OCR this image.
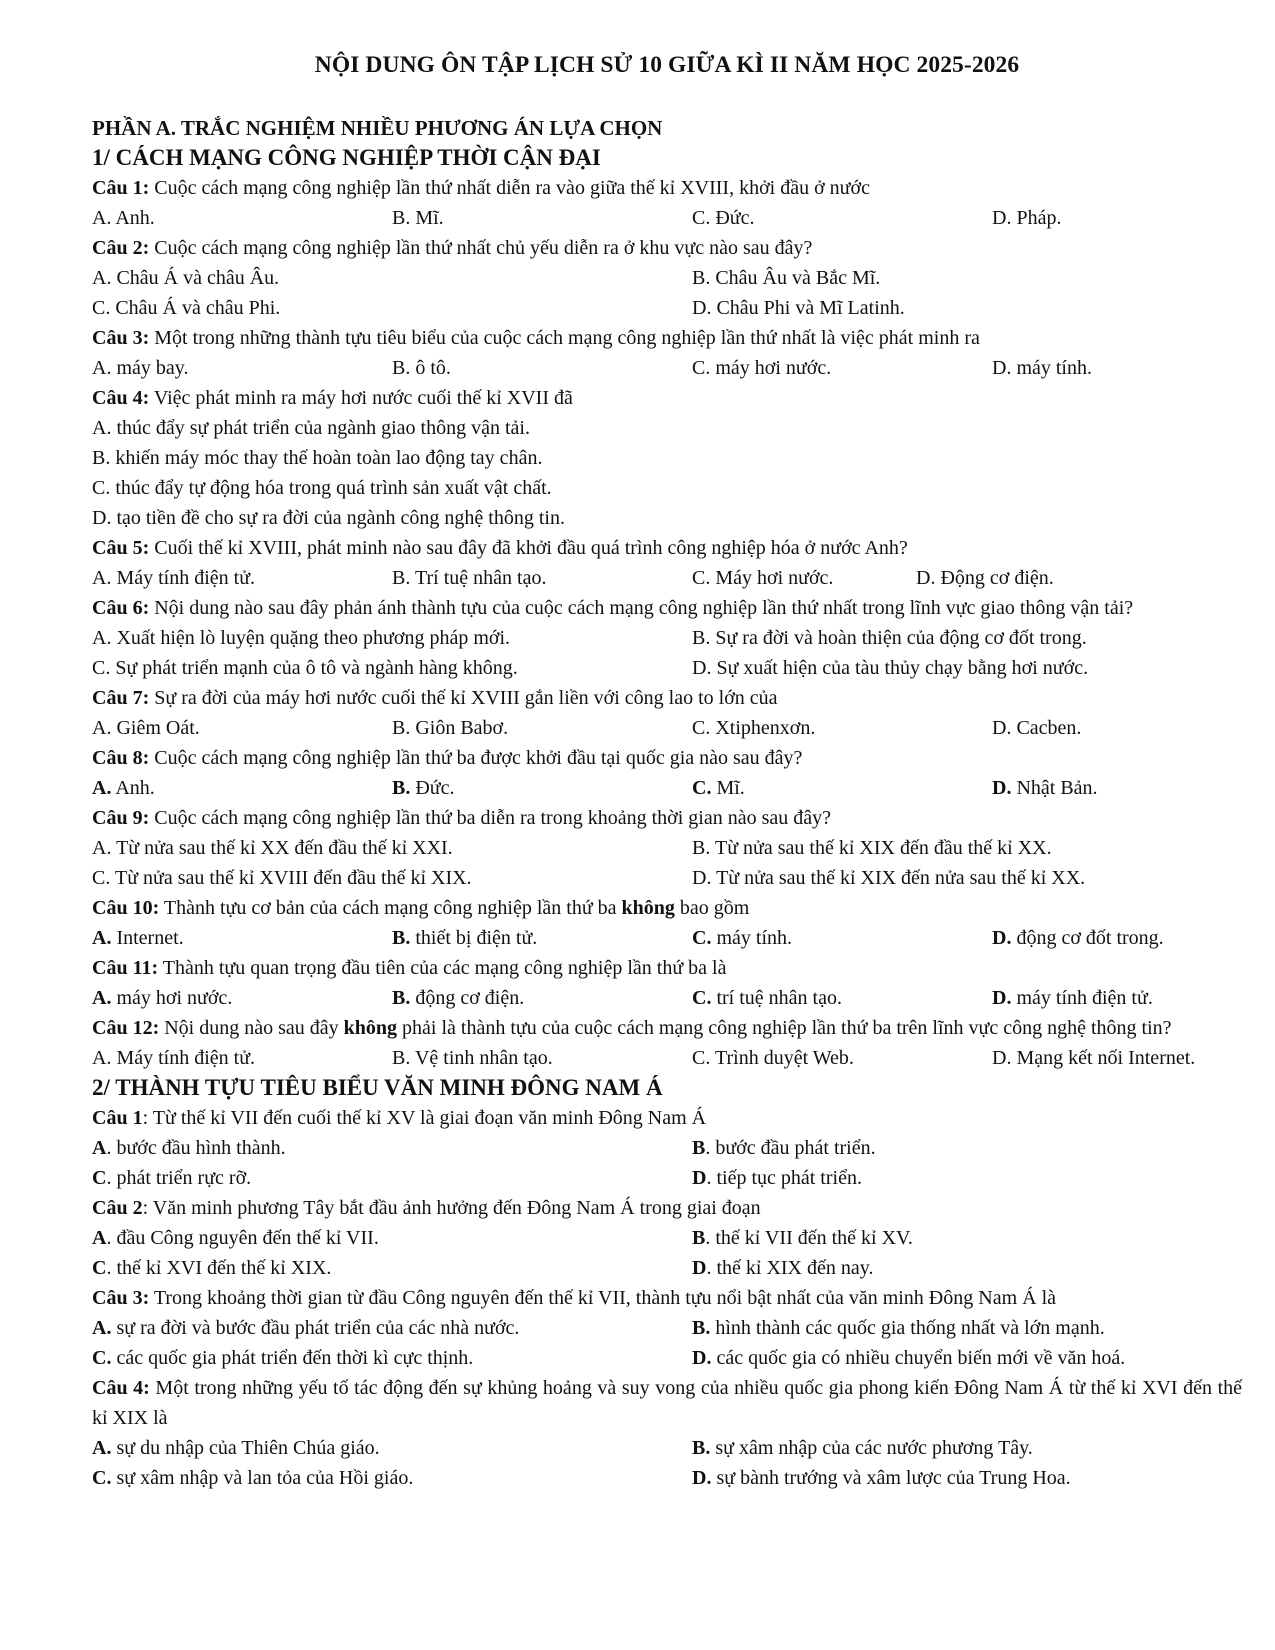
NỘI DUNG ÔN TẬP LỊCH SỬ 10 GIỮA KÌ II NĂM HỌC 2025-2026
PHẦN A. TRẮC NGHIỆM NHIỀU PHƯƠNG ÁN LỰA CHỌN
1/ CÁCH MẠNG CÔNG NGHIỆP THỜI CẬN ĐẠI
Câu 1: Cuộc cách mạng công nghiệp lần thứ nhất diễn ra vào giữa thế kỉ XVIII, khởi đầu ở nước
A. Anh.	B. Mĩ.	C. Đức.	D. Pháp.
Câu 2: Cuộc cách mạng công nghiệp lần thứ nhất chủ yếu diễn ra ở khu vực nào sau đây?
A. Châu Á và châu Âu.	B. Châu Âu và Bắc Mĩ.
C. Châu Á và châu Phi.	D. Châu Phi và Mĩ Latinh.
Câu 3: Một trong những thành tựu tiêu biểu của cuộc cách mạng công nghiệp lần thứ nhất là việc phát minh ra
A. máy bay.	B. ô tô.	C. máy hơi nước.	D. máy tính.
Câu 4: Việc phát minh ra máy hơi nước cuối thế kỉ XVII đã
A. thúc đẩy sự phát triển của ngành giao thông vận tải.
B. khiến máy móc thay thế hoàn toàn lao động tay chân.
C. thúc đẩy tự động hóa trong quá trình sản xuất vật chất.
D. tạo tiền đề cho sự ra đời của ngành công nghệ thông tin.
Câu 5: Cuối thế kỉ XVIII, phát minh nào sau đây đã khởi đầu quá trình công nghiệp hóa ở nước Anh?
A. Máy tính điện tử.	B. Trí tuệ nhân tạo.	C. Máy hơi nước.	D. Động cơ điện.
Câu 6: Nội dung nào sau đây phản ánh thành tựu của cuộc cách mạng công nghiệp lần thứ nhất trong lĩnh vực giao thông vận tải?
A. Xuất hiện lò luyện quặng theo phương pháp mới.	B. Sự ra đời và hoàn thiện của động cơ đốt trong.
C. Sự phát triển mạnh của ô tô và ngành hàng không.	D. Sự xuất hiện của tàu thủy chạy bằng hơi nước.
Câu 7: Sự ra đời của máy hơi nước cuối thế kỉ XVIII gắn liền với công lao to lớn của
A. Giêm Oát.	B. Giôn Babơ.	C. Xtiphenxơn.	D. Cacben.
Câu 8: Cuộc cách mạng công nghiệp lần thứ ba được khởi đầu tại quốc gia nào sau đây?
A. Anh.	B. Đức.	C. Mĩ.	D. Nhật Bản.
Câu 9: Cuộc cách mạng công nghiệp lần thứ ba diễn ra trong khoảng thời gian nào sau đây?
A. Từ nửa sau thế kỉ XX đến đầu thế kỉ XXI.	B. Từ nửa sau thế kỉ XIX đến đầu thế kỉ XX.
C. Từ nửa sau thế kỉ XVIII đến đầu thế kỉ XIX.	D. Từ nửa sau thế kỉ XIX đến nửa sau thế kỉ XX.
Câu 10: Thành tựu cơ bản của cách mạng công nghiệp lần thứ ba không bao gồm
A. Internet.	B. thiết bị điện tử.	C. máy tính.	D. động cơ đốt trong.
Câu 11: Thành tựu quan trọng đầu tiên của các mạng công nghiệp lần thứ ba là
A. máy hơi nước.	B. động cơ điện.	C. trí tuệ nhân tạo.	D. máy tính điện tử.
Câu 12: Nội dung nào sau đây không phải là thành tựu của cuộc cách mạng công nghiệp lần thứ ba trên lĩnh vực công nghệ thông tin?
A. Máy tính điện tử.	B. Vệ tinh nhân tạo.	C. Trình duyệt Web.	D. Mạng kết nối Internet.
2/ THÀNH TỰU TIÊU BIỂU VĂN MINH ĐÔNG NAM Á
Câu 1: Từ thế kỉ VII đến cuối thế kỉ XV là giai đoạn văn minh Đông Nam Á
A. bước đầu hình thành.	B. bước đầu phát triển.
C. phát triển rực rỡ.	D. tiếp tục phát triển.
Câu 2: Văn minh phương Tây bắt đầu ảnh hưởng đến Đông Nam Á trong giai đoạn
A. đầu Công nguyên đến thế kỉ VII.	B. thế kỉ VII đến thế kỉ XV.
C. thế kỉ XVI đến thế kỉ XIX.	D. thế kỉ XIX đến nay.
Câu 3: Trong khoảng thời gian từ đầu Công nguyên đến thế kỉ VII, thành tựu nổi bật nhất của văn minh Đông Nam Á là
A. sự ra đời và bước đầu phát triển của các nhà nước.	B. hình thành các quốc gia thống nhất và lớn mạnh.
C. các quốc gia phát triển đến thời kì cực thịnh.	D. các quốc gia có nhiều chuyển biến mới về văn hoá.
Câu 4: Một trong những yếu tố tác động đến sự khủng hoảng và suy vong của nhiều quốc gia phong kiến Đông Nam Á từ thế kỉ XVI đến thế kỉ XIX là
A. sự du nhập của Thiên Chúa giáo.	B. sự xâm nhập của các nước phương Tây.
C. sự xâm nhập và lan tỏa của Hồi giáo.	D. sự bành trướng và xâm lược của Trung Hoa.
